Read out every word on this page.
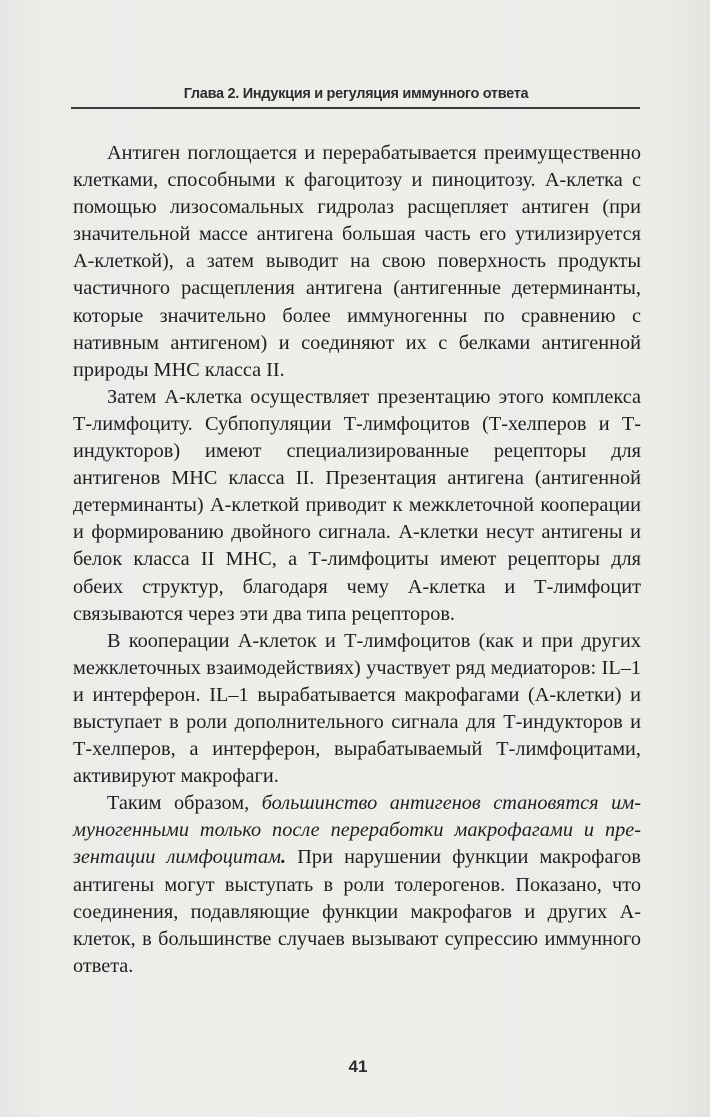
Глава 2. Индукция и регуляция иммунного ответа

Антиген поглощается и перерабатывается преимущественно клетками, способными к фагоцитозу и пиноцитозу. А-клетка с помощью лизосомальных гидролаз расщепляет антиген (при значительной массе антигена большая часть его утилизируется А-клеткой), а затем выводит на свою поверхность продукты частичного расщепления антигена (антигенные детерминанты, которые значительно более иммуногенны по сравнению с нативным антигеном) и соединяют их с белками антигенной природы МНС класса II.

Затем А-клетка осуществляет презентацию этого комплекса Т-лимфоциту. Субпопуляции Т-лимфоцитов (Т-хелперов и Т-индукторов) имеют специализированные рецепторы для антигенов МНС класса II. Презентация антигена (антигенной детерминанты) А-клеткой приводит к межклеточной кооперации и формированию двойного сигнала. А-клетки несут антигены и белок класса II МНС, а Т-лимфоциты имеют рецепторы для обеих структур, благодаря чему А-клетка и Т-лимфоцит связываются через эти два типа рецепторов.

В кооперации А-клеток и Т-лимфоцитов (как и при других межклеточных взаимодействиях) участвует ряд медиаторов: IL–1 и интерферон. IL–1 вырабатывается макрофагами (А-клетки) и выступает в роли дополнительного сигнала для Т-индукторов и Т-хелперов, а интерферон, вырабатываемый Т-лимфоцитами, активируют макрофаги.

Таким образом, большинство антигенов становятся иммуногенными только после переработки макрофагами и презентации лимфоцитам. При нарушении функции макрофагов антигены могут выступать в роли толерогенов. Показано, что соединения, подавляющие функции макрофагов и других А-клеток, в большинстве случаев вызывают супрессию иммунного ответа.

41
